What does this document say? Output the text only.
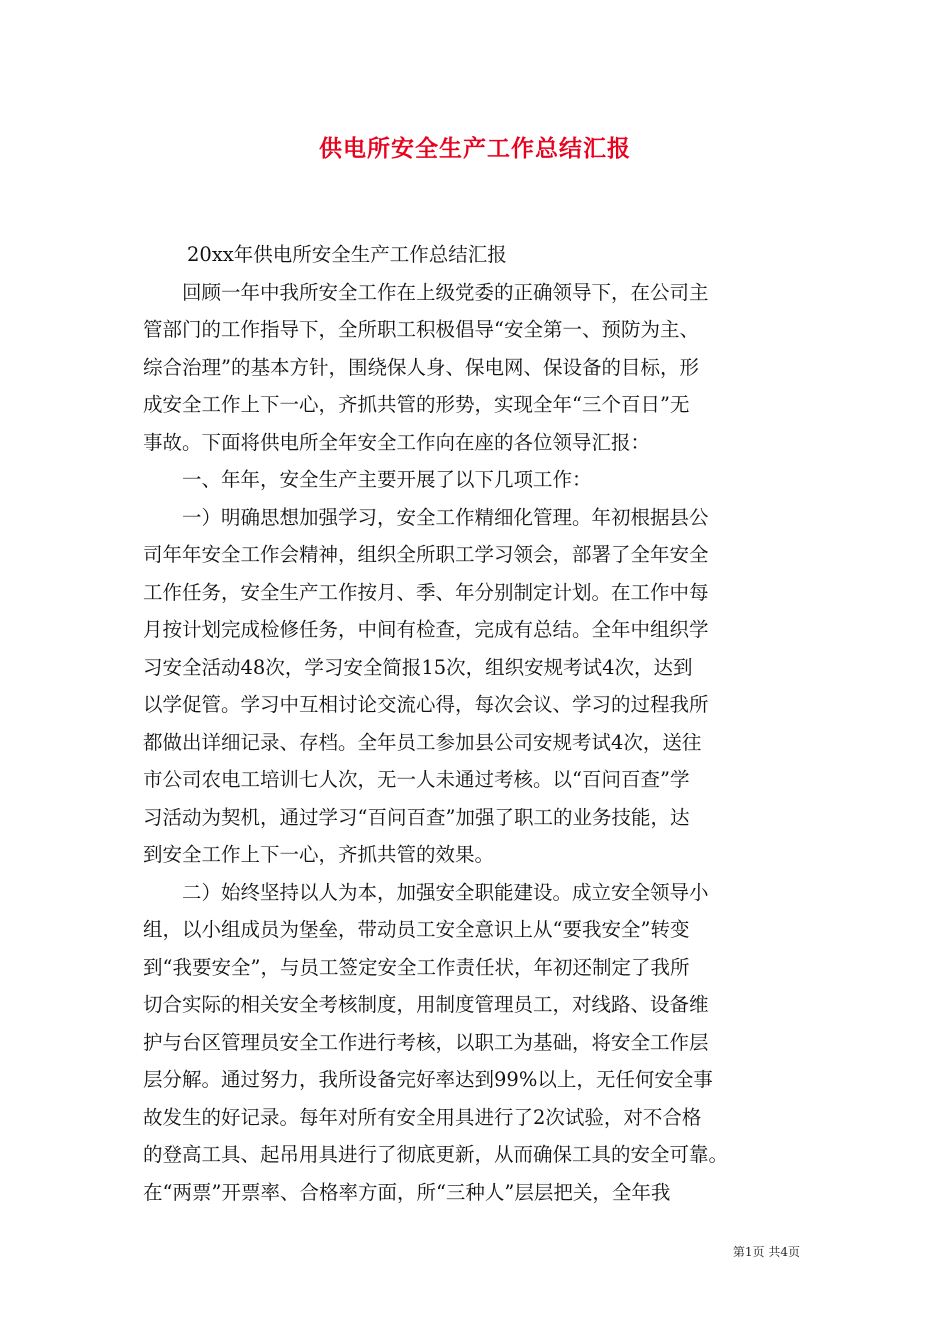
供电所安全生产工作总结汇报
20xx年供电所安全生产工作总结汇报
　　回顾一年中我所安全工作在上级党委的正确领导下，在公司主
管部门的工作指导下，全所职工积极倡导“安全第一、预防为主、
综合治理”的基本方针，围绕保人身、保电网、保设备的目标，形
成安全工作上下一心，齐抓共管的形势，实现全年“三个百日”无
事故。下面将供电所全年安全工作向在座的各位领导汇报：
　　一、年年，安全生产主要开展了以下几项工作：
　　一）明确思想加强学习，安全工作精细化管理。年初根据县公
司年年安全工作会精神，组织全所职工学习领会，部署了全年安全
工作任务，安全生产工作按月、季、年分别制定计划。在工作中每
月按计划完成检修任务，中间有检查，完成有总结。全年中组织学
习安全活动48次，学习安全简报15次，组织安规考试4次，达到
以学促管。学习中互相讨论交流心得，每次会议、学习的过程我所
都做出详细记录、存档。全年员工参加县公司安规考试4次，送往
市公司农电工培训七人次，无一人未通过考核。以“百问百查”学
习活动为契机，通过学习“百问百查”加强了职工的业务技能，达
到安全工作上下一心，齐抓共管的效果。
　　二）始终坚持以人为本，加强安全职能建设。成立安全领导小
组，以小组成员为堡垒，带动员工安全意识上从“要我安全”转变
到“我要安全”，与员工签定安全工作责任状，年初还制定了我所
切合实际的相关安全考核制度，用制度管理员工，对线路、设备维
护与台区管理员安全工作进行考核，以职工为基础，将安全工作层
层分解。通过努力，我所设备完好率达到99%以上，无任何安全事
故发生的好记录。每年对所有安全用具进行了2次试验，对不合格
的登高工具、起吊用具进行了彻底更新，从而确保工具的安全可靠。
在“两票”开票率、合格率方面，所“三种人”层层把关，全年我
第1页 共4页
